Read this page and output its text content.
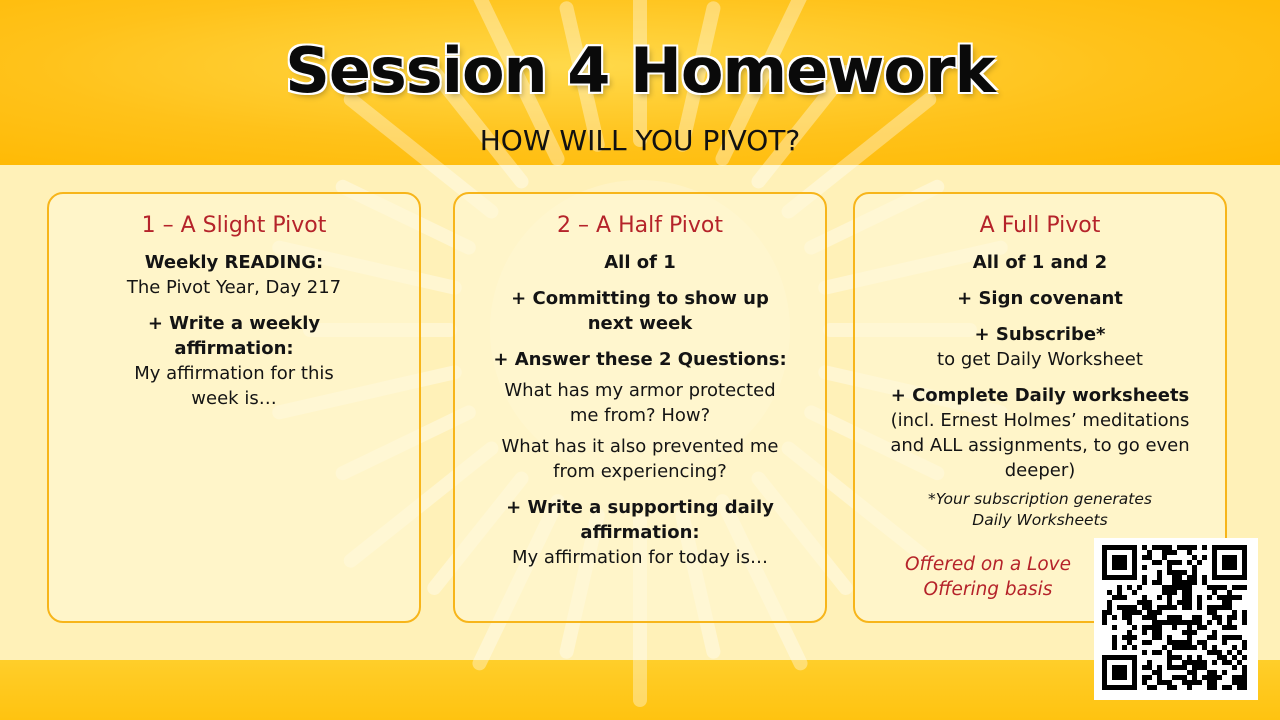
Session 4 Homework
HOW WILL YOU PIVOT?
1 – A Slight Pivot
Weekly READING:
The Pivot Year, Day 217
+ Write a weekly
affirmation:
My affirmation for this
week is…
2 – A Half Pivot
All of 1
+ Committing to show up
next week
+ Answer these 2 Questions:
What has my armor protected
me from? How?
What has it also prevented me
from experiencing?
+ Write a supporting daily
affirmation:
My affirmation for today is…
A Full Pivot
All of 1 and 2
+ Sign covenant
+ Subscribe*
to get Daily Worksheet
+ Complete Daily worksheets
(incl. Ernest Holmes’ meditations
and ALL assignments, to go even
deeper)
*Your subscription generates
Daily Worksheets
Offered on a Love
Offering basis
